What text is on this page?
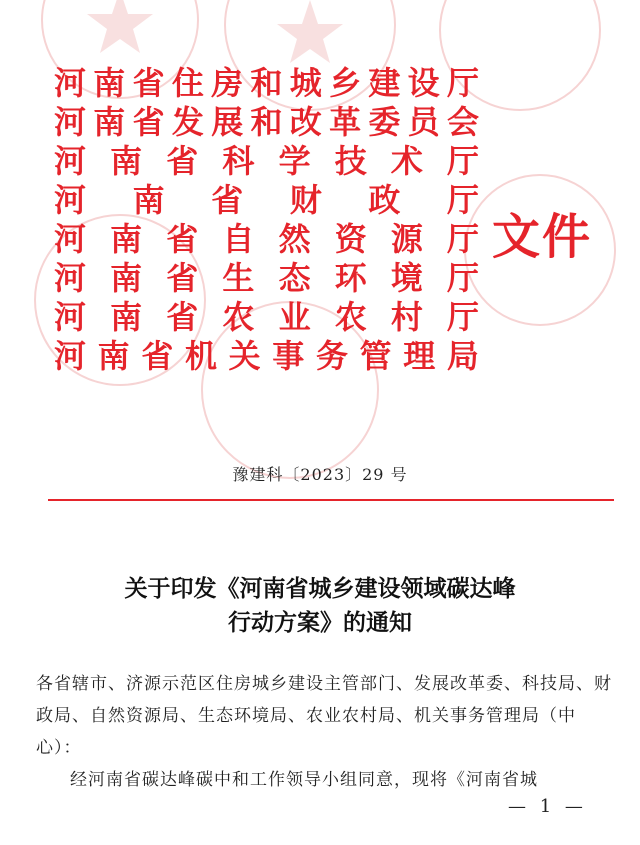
河 南 省 住 房 和 城 乡 建 设 厅
河 南 省 发 展 和 改 革 委 员 会
河 南 省 科 学 技 术 厅
河 南 省 财 政 厅
河 南 省 自 然 资 源 厅
河 南 省 生 态 环 境 厅
河 南 省 农 业 农 村 厅
河 南 省 机 关 事 务 管 理 局
文件
豫建科〔2023〕29 号
关于印发《河南省城乡建设领域碳达峰
行动方案》的通知

各省辖市、济源示范区住房城乡建设主管部门、发展改革委、科技局、财政局、自然资源局、生态环境局、农业农村局、机关事务管理局（中心）：

经河南省碳达峰碳中和工作领导小组同意，现将《河南省城

— 1 —
